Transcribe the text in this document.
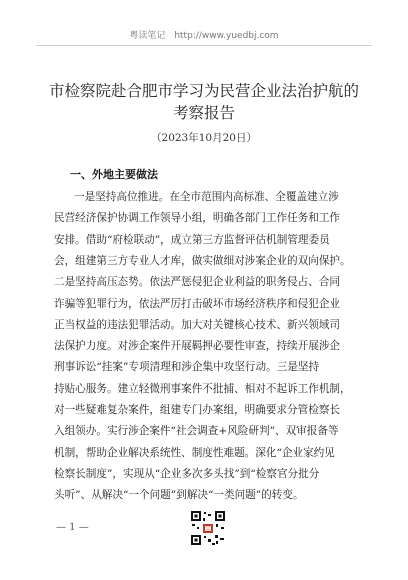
粤读笔记 http://www.yuedbj.com
市检察院赴合肥市学习为民营企业法治护航的
考察报告
（2023年10月20日）
一、外地主要做法
一是坚持高位推进。在全市范围内高标准、全覆盖建立涉
民营经济保护协调工作领导小组，明确各部门工作任务和工作
安排。借助“府检联动”，成立第三方监督评估机制管理委员
会，组建第三方专业人才库，做实做细对涉案企业的双向保护。
二是坚持高压态势。依法严惩侵犯企业利益的职务侵占、合同
诈骗等犯罪行为，依法严厉打击破坏市场经济秩序和侵犯企业
正当权益的违法犯罪活动。加大对关键核心技术、新兴领域司
法保护力度。对涉企案件开展羁押必要性审查，持续开展涉企
刑事诉讼“挂案”专项清理和涉企集中攻坚行动。三是坚持
持贴心服务。建立轻微刑事案件不批捕、相对不起诉工作机制，
对一些疑难复杂案件，组建专门办案组，明确要求分管检察长
入组领办。实行涉企案件“社会调查+风险研判”、双审报备等
机制，帮助企业解决系统性、制度性难题。深化“企业家约见
检察长制度”，实现从“企业多次多头找”到“检察官分批分
头听”、从解决“一个问题”到解决“一类问题”的转变。
— 1 —
